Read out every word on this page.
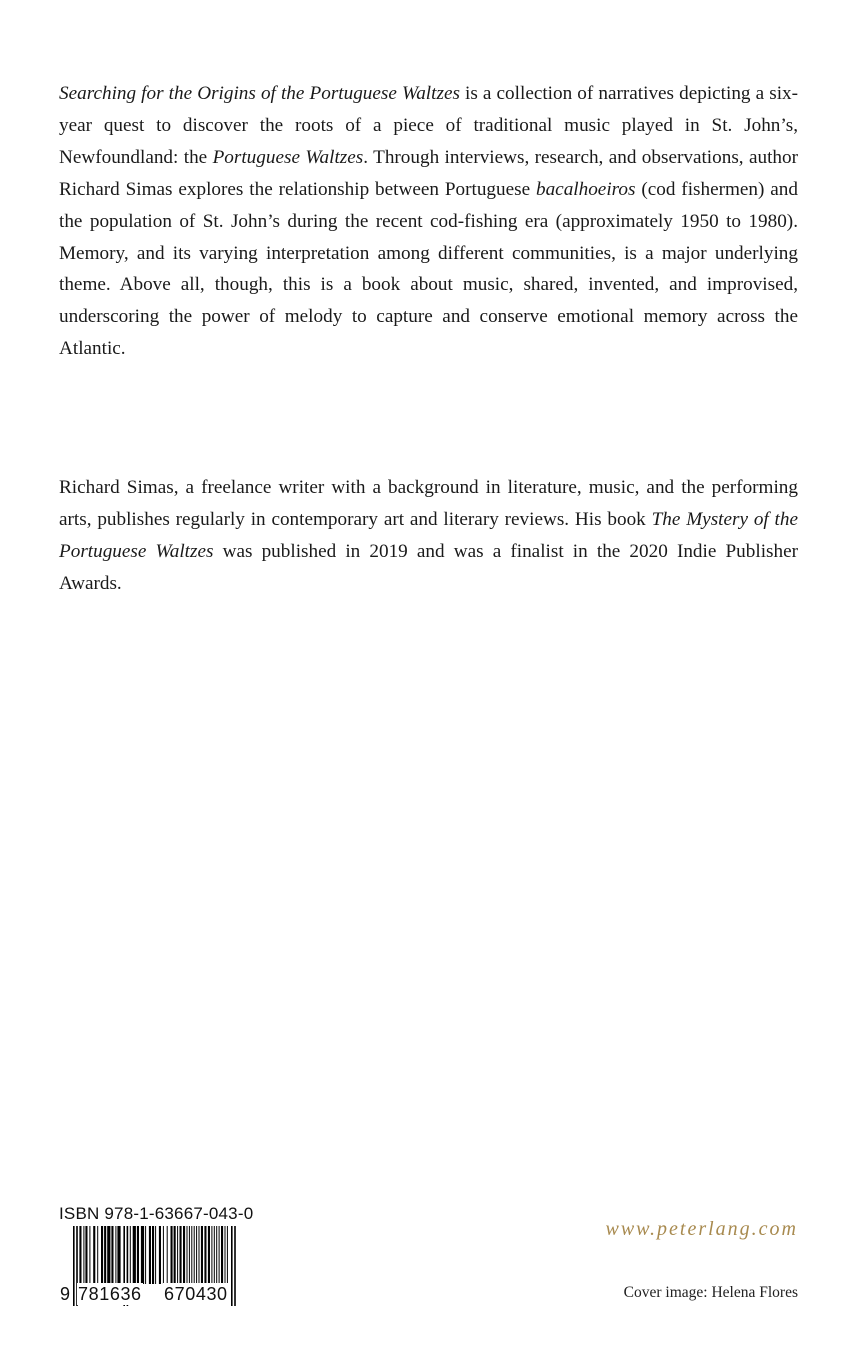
Searching for the Origins of the Portuguese Waltzes is a collection of narratives depicting a six-year quest to discover the roots of a piece of traditional music played in St. John’s, Newfoundland: the Portuguese Waltzes. Through interviews, research, and observations, author Richard Simas explores the relationship between Portuguese bacalhoeiros (cod fishermen) and the population of St. John’s during the recent cod-fishing era (approximately 1950 to 1980). Memory, and its varying interpretation among different communities, is a major underlying theme. Above all, though, this is a book about music, shared, invented, and improvised, underscoring the power of melody to capture and conserve emotional memory across the Atlantic.

Richard Simas, a freelance writer with a background in literature, music, and the performing arts, publishes regularly in contemporary art and literary reviews. His book The Mystery of the Portuguese Waltzes was published in 2019 and was a finalist in the 2020 Indie Publisher Awards.

ISBN 978-1-63667-043-0
9 781636 670430
www.peterlang.com
Cover image: Helena Flores
